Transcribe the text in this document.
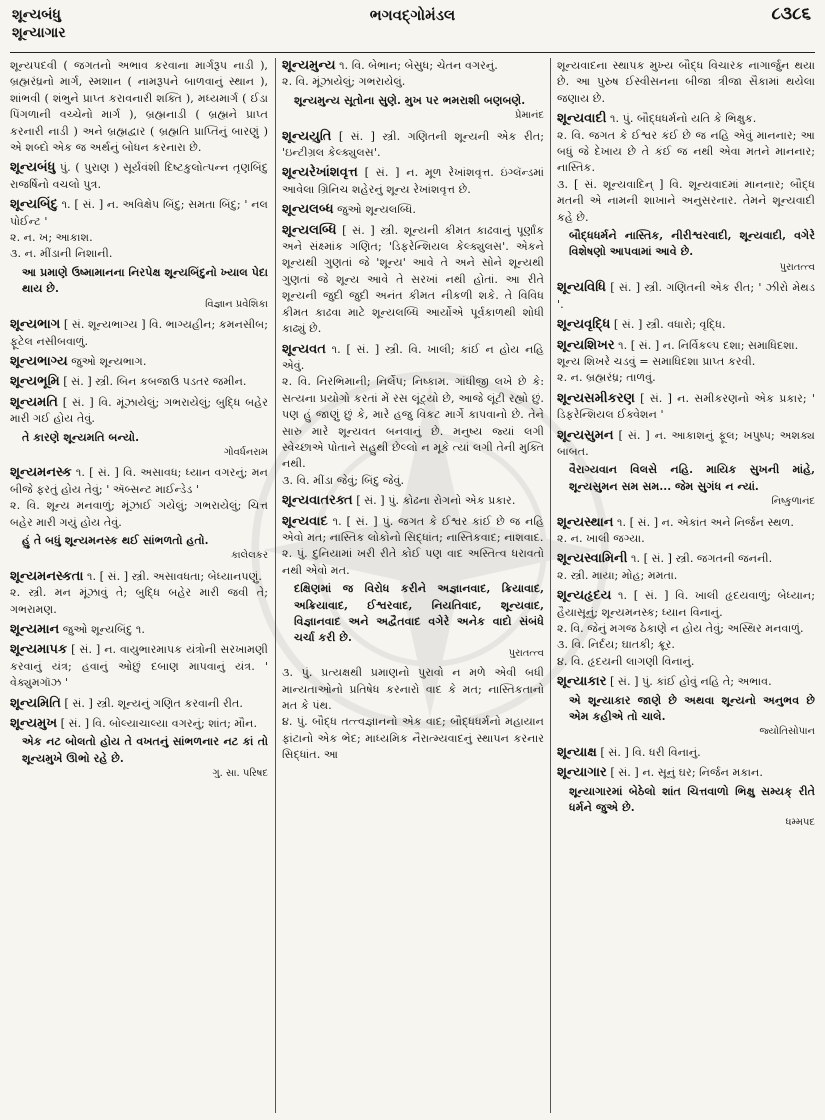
શૂન્યબંધુ
શૂન્યાગાર
ભગવદ્ગોમંડલ	૮૩૮૬

શૂન્યપદવી ( જગતનો અભાવ કરવાના માર્ગરૂપ નાડી ), બ્રહ્મરંધ્રનો માર્ગ, સ્મશાન ( નામરૂપને બાળવાનું સ્થાન ), શાંભવી ( શંભુને પ્રાપ્ત કરાવનારી શક્તિ ), મધ્યમાર્ગ ( ઈડા પિંગળાની વચ્ચેનો માર્ગ ), બ્રહ્મનાડી ( બ્રહ્મને પ્રાપ્ત કરનારી નાડી ) અને બ્રહ્મદ્વાર ( બ્રહ્મતિ પ્રાપ્તિનું બારણું ) એ શબ્દો એક જ અર્થનું બોધન કરનારા છે.

શૂન્યબંધુ પું. ( પુરાણ ) સૂર્યવંશી દિષ્ટકુલોત્પન્ન તૃણબિંદુ રાજર્ષિનો વચલો પુત્ર.

શૂન્યબિંદુ ૧. [ સં. ] ન. અવિક્ષેપ બિંદુ; સમતા બિંદુ; ' નલ પોઈન્ટ '

૨. ન. ખ; આકાશ.

૩. ન. મીંડાની નિશાની.

આ પ્રમાણે ઉષ્મામાનના નિરપેક્ષ શૂન્યબિંદુનો ખ્યાલ પેદા થાય છે.
વિજ્ઞાન પ્રવેશિકા

શૂન્યભાગ [ સં. શૂન્યભાગ્ય ] વિ. ભાગ્યહીન; કમનસીબ; ફૂટેલ નસીબવાળું.

શૂન્યભાગ્ય જુઓ શૂન્યભાગ.

શૂન્યભૂમિ [ સં. ] સ્ત્રી. બિન કબજાઉ પડતર જમીન.

શૂન્યમતિ [ સં. ] વિ. મૂંઝાયેલું; ગભરાયેલું; બુદ્ધિ બહેર મારી ગઈ હોય તેવું.

તે કારણે શૂન્યમતિ બન્યો.
ગોવર્ધનરામ

શૂન્યમનસ્ક ૧. [ સં. ] વિ. અસાવધ; ધ્યાન વગરનું; મન બીજે ફરતું હોય તેવું; ' ઍબ્સન્ટ માઈન્ડેડ '

૨. વિ. શૂન્ય મનવાળું; મૂંઝાઈ ગયેલું; ગભરાયેલું; ચિત્ત બહેર મારી ગયું હોય તેવું.

હું તે બધું શૂન્યમનસ્ક થઈ સાંભળતો હતો.
કાલેલકર

શૂન્યમનસ્કતા ૧. [ સં. ] સ્ત્રી. અસાવધતા; બેધ્યાનપણું.

૨. સ્ત્રી. મન મૂંઝાવું તે; બુદ્ધિ બહેર મારી જવી તે; ગભરામણ.

શૂન્યમાન જુઓ શૂન્યબિંદુ ૧.

શૂન્યમાપક [ સં. ] ન. વાયુભારમાપક યંત્રોની સરખામણી કરવાનું યંત્ર; હવાનું ઓછું દબાણ માપવાનું યંત્ર. ' વેક્યુમગૉઝ '

શૂન્યમિતિ [ સં. ] સ્ત્રી. શૂન્યનું ગણિત કરવાની રીત.

શૂન્યમુખ [ સં. ] વિ. બોલ્યાચાલ્યા વગરનું; શાંત; મૌન.

એક નટ બોલતો હોય તે વખતનું સાંભળનાર નટ કાં તો શૂન્યમુખે ઊભો રહે છે.
ગુ. સા. પરિષદ

શૂન્યમુન્ય ૧. વિ. બેભાન; બેસુધ; ચેતન વગરનું.

૨. વિ. મૂંઝાયેલું; ગભરાયેલું.

શૂન્યમુન્ય સૂતોના સુણે. મુખ પર ભમરાશી બણબણે.
પ્રેમાનંદ

શૂન્યયુતિ [ સં. ] સ્ત્રી. ગણિતની શૂન્યની એક રીત; 'ઇન્ટીગ્રલ કેલ્ક્યુલસ'.

શૂન્યરેખાંશવૃત્ત [ સં. ] ન. મૂળ રેખાંશવૃત્ત. ઇંગ્લૅન્ડમાં આવેલા ગ્રિનિચ શહેરનું શૂન્ય રેખાંશવૃત્ત છે.

શૂન્યલબ્ધ જુઓ શૂન્યલબ્ધિ.

શૂન્યલબ્ધિ [ સં. ] સ્ત્રી. શૂન્યની કીમત કાઢવાનું પૂર્ણાંક અને સંક્ષ્માંક ગણિત; 'ડિફરેન્શિયલ કેલ્ક્યુલસ'. એકને શૂન્યથી ગુણતાં જે 'શૂન્ય' આવે તે અને સોને શૂન્યથી ગુણતાં જે શૂન્ય આવે તે સરખાં નથી હોતાં. આ રીતે શૂન્યની જુદી જુદી અનંત કીમત નીકળી શકે. તે વિવિધ કીમત કાઢવા માટે શૂન્યલબ્ધિ આર્યોએ પૂર્વકાળથી શોધી કાઢ્યું છે.

શૂન્યવત ૧. [ સં. ] સ્ત્રી. વિ. ખાલી; કાંઈ ન હોય નહિ એવું.

૨. વિ. નિરભિમાની; નિર્લેપ; નિષ્કામ. ગાંધીજી લખે છે કે: સત્યના પ્રયોગો કરતાં મેં રસ લૂંટ્યો છે, આજે લૂંટી રહ્યો છું. પણ હું જાણું છું કે, મારે હજુ વિકટ માર્ગે કાપવાનો છે. તેને સારુ મારે શૂન્યવત બનવાનું છે. મનુષ્ય જ્યાં લગી સ્વેચ્છાએ પોતાને સહુથી છેલ્લો ન મૂકે ત્યાં લગી તેની મુક્તિ નથી.

૩. વિ. મીંડા જેવું; બિંદુ જેવું.

શૂન્યવાતરક્ત [ સં. ] પું. કોઢના રોગનો એક પ્રકાર.

શૂન્યવાદ ૧. [ સં. ] પું. જગત કે ઈશ્વર કાંઈ છે જ નહિ એવો મત; નાસ્તિક લોકોનો સિદ્ધાંત; નાસ્તિકવાદ; નાશવાદ.

૨. પું. દુનિયામાં ખરી રીતે કોઈ પણ વાદ અસ્તિત્વ ધરાવતો નથી એવો મત.

દક્ષિણમાં જ વિરોધ કરીને અજ્ઞાનવાદ, ક્રિયાવાદ, અક્રિયાવાદ, ઈશ્વરવાદ, નિયતિવાદ, શૂન્યવાદ, વિજ્ઞાનવાદ અને અદ્વૈતવાદ વગેરે અનેક વાદો સંબંધે ચર્ચા કરી છે.
પુરાતત્ત્વ

૩. પું. પ્રત્યક્ષથી પ્રમાણનો પુરાવો ન મળે એવી બધી માન્યતાઓનો પ્રતિષેધ કરનારો વાદ કે મત; નાસ્તિકતાનો મત કે પંથ.

૪. પું. બૌદ્ધ તત્ત્વજ્ઞાનનો એક વાદ; બૌદ્ધધર્મનો મહાયાન ફાંટાનો એક ભેદ; માધ્યમિક નૈરાત્મ્યવાદનું સ્થાપન કરનાર સિદ્ધાંત. આ

શૂન્યવાદના સ્થાપક મુખ્ય બૌદ્ધ વિચારક નાગાર્જુન થયા છે. આ પુરુષ ઈસ્વીસનના બીજા ત્રીજા સૈકામાં થયેલા જણાય છે.

શૂન્યવાદી ૧. પું. બૌદ્ધધર્મનો યતિ કે ભિક્ષુક.

૨. વિ. જગત કે ઈશ્વર કંઈ છે જ નહિ એવું માનનાર; આ બધું જે દેખાય છે તે કંઈ જ નથી એવા મતને માનનાર; નાસ્તિક.

૩. [ સં. શૂન્યવાદિન્ ] વિ. શૂન્યવાદમાં માનનાર; બૌદ્ધ મતની એ નામની શાખાને અનુસરનાર. તેમને શૂન્યવાદી કહે છે.

બૌદ્ધધર્મને નાસ્તિક, નીરીશ્વરવાદી, શૂન્યવાદી, વગેરે વિશેષણો આપવામાં આવે છે.
પુરાતત્ત્વ

શૂન્યવિધિ [ સં. ] સ્ત્રી. ગણિતની એક રીત; ' ઝીરો મેથડ '.

શૂન્યવૃદ્ધિ [ સં. ] સ્ત્રી. વધારો; વૃદ્ધિ.

શૂન્યશિખર ૧. [ સં. ] ન. નિર્વિકલ્પ દશા; સમાધિદશા.

શૂન્ય શિખરે ચડવું = સમાધિદશા પ્રાપ્ત કરવી.

૨. ન. બ્રહ્મરંધ્ર; તાળવું.

શૂન્યસમીકરણ [ સં. ] ન. સમીકરણનો એક પ્રકાર; ' ડિફરેન્શિયલ ઈક્વેશન '

શૂન્યસુમન [ સં. ] ન. આકાશનું ફૂલ; ખપુષ્પ; અશક્ય બાબત.

વૈરાગ્યવાન વિલસે નહિ. માયિક સુખની માંહે, શૂન્યસુમન સમ સમ... જેમ સુગંધ ન ન્યાં.
નિષ્કુળાનંદ

શૂન્યસ્થાન ૧. [ સં. ] ન. એકાંત અને નિર્જન સ્થળ.

૨. ન. ખાલી જગ્યા.

શૂન્યસ્વામિની ૧. [ સં. ] સ્ત્રી. જગતની જનની.

૨. સ્ત્રી. માયા; મોહ; મમતા.

શૂન્યહૃદય ૧. [ સં. ] વિ. ખાલી હૃદયવાળું; બેધ્યાન; હૈયાસૂનું; શૂન્યમનસ્ક; ધ્યાન વિનાનું.

૨. વિ. જેનું મગજ ઠેકાણે ન હોય તેવું; અસ્થિર મનવાળું.

૩. વિ. નિર્દય; ઘાતકી; ક્રૂર.

૪. વિ. હૃદયની લાગણી વિનાનું.

શૂન્યાકાર [ સં. ] પું. કાંઈ હોવું નહિ તે; અભાવ.

એ શૂન્યાકાર જાણે છે અથવા શૂન્યનો અનુભવ છે એમ કહીએ તો ચાલે.
જ્યોતિસોપાન

શૂન્યાક્ષ [ સં. ] વિ. ધરી વિનાનું.

શૂન્યાગાર [ સં. ] ન. સૂનું ઘર; નિર્જન મકાન.

શૂન્યાગારમાં બેઠેલો શાંત ચિત્તવાળો ભિક્ષુ સમ્યક્ રીતે ધર્મને જુએ છે.
ધમ્મપદ
